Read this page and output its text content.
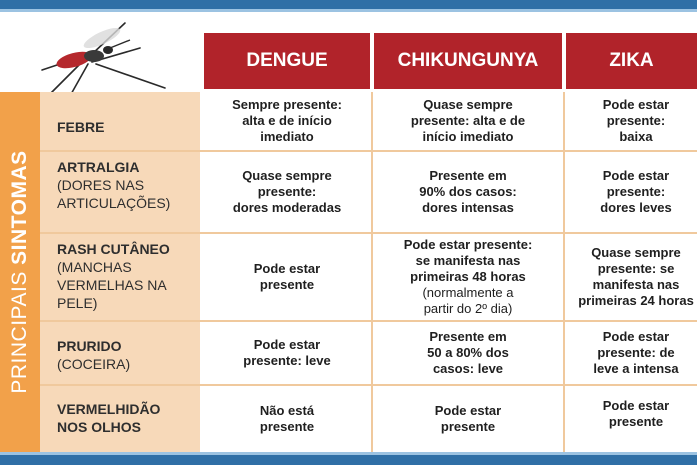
PRINCIPAIS SINTOMAS
DENGUE	CHIKUNGUNYA	ZIKA
FEBRE
ARTRALGIA
(DORES NAS
ARTICULAÇÕES)
RASH CUTÂNEO
(MANCHAS
VERMELHAS NA
PELE)
PRURIDO
(COCEIRA)
VERMELHIDÃO
NOS OLHOS
Sempre presente:
alta e de início
imediato
Quase sempre
presente: alta e de
início imediato
Pode estar
presente:
baixa
Quase sempre
presente:
dores moderadas
Presente em
90% dos casos:
dores intensas
Pode estar
presente:
dores leves
Pode estar
presente
Pode estar presente:
se manifesta nas
primeiras 48 horas
(normalmente a
partir do 2º dia)
Quase sempre
presente: se
manifesta nas
primeiras 24 horas
Pode estar
presente: leve
Presente em
50 a 80% dos
casos: leve
Pode estar
presente: de
leve a intensa
Não está
presente
Pode estar
presente
Pode estar
presente
